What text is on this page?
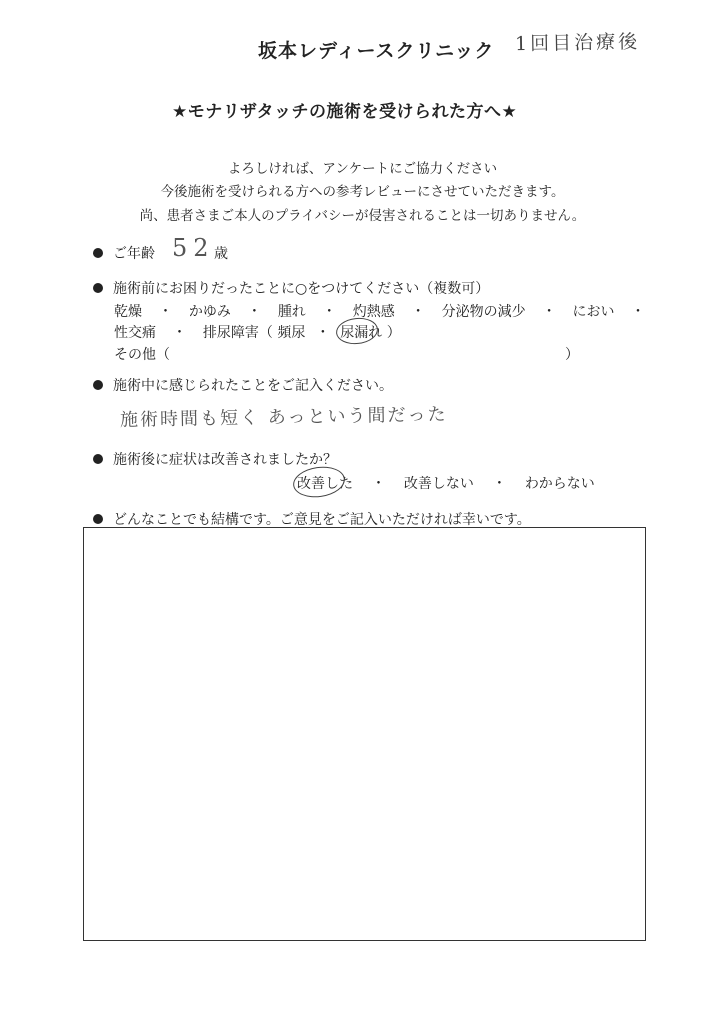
坂本レディースクリニック 1回目治療後
★モナリザタッチの施術を受けられた方へ★
よろしければ、アンケートにご協力ください
今後施術を受けられる方への参考レビューにさせていただきます。
尚、患者さまご本人のプライバシーが侵害されることは一切ありません。
ご年齢 52 歳
施術前にお困りだったことに○をつけてください（複数可）
乾燥 ・ かゆみ ・ 腫れ ・ 灼熱感 ・ 分泌物の減少 ・ におい ・
性交痛 ・ 排尿障害（ 頻尿 ・ 尿漏れ ）
その他（	）
施術中に感じられたことをご記入ください。
施術時間も短く あっという間だった
施術後に症状は改善されましたか？
改善した ・ 改善しない ・ わからない
どんなことでも結構です。ご意見をご記入いただければ幸いです。
